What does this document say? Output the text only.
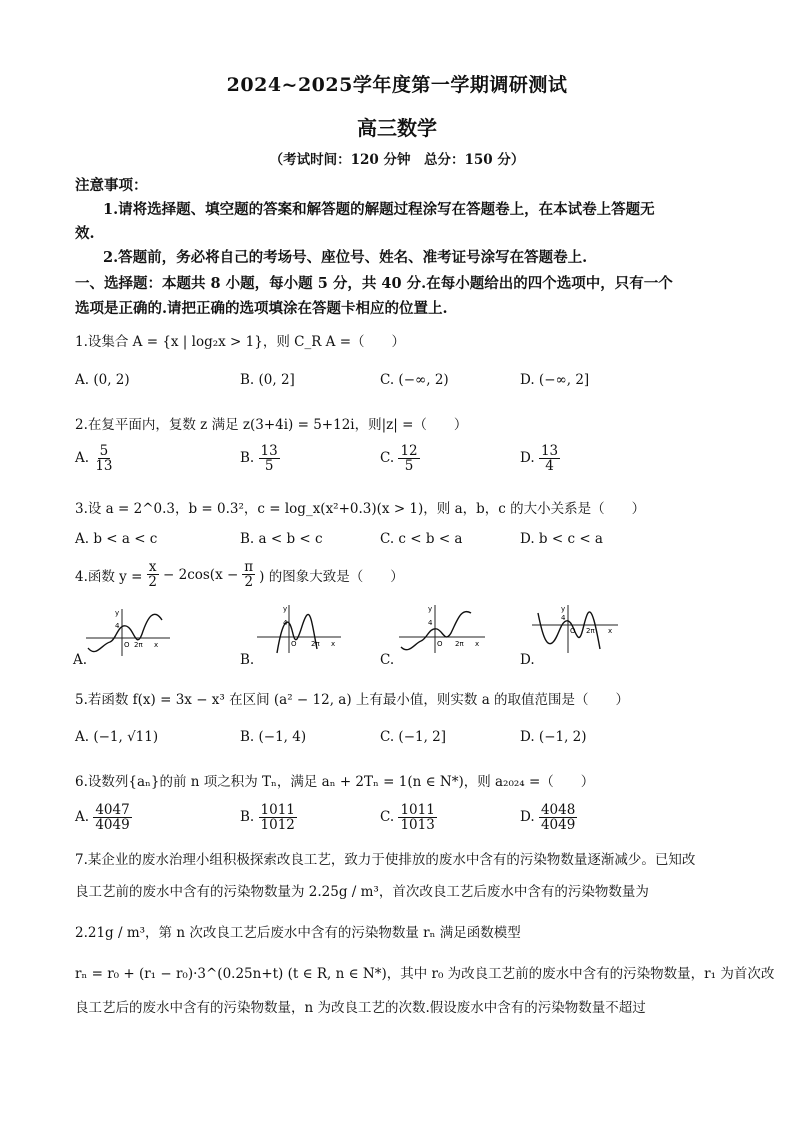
2024~2025学年度第一学期调研测试
高三数学
（考试时间：120 分钟　总分：150 分）
注意事项：
1.请将选择题、填空题的答案和解答题的解题过程涂写在答题卷上，在本试卷上答题无
效.
2.答题前，务必将自己的考场号、座位号、姓名、准考证号涂写在答题卷上.
一、选择题：本题共 8 小题，每小题 5 分，共 40 分.在每小题给出的四个选项中，只有一个
选项是正确的.请把正确的选项填涂在答题卡相应的位置上.
1.设集合 A = {x | log₂x > 1}，则 C_R A =（　　）
A. (0, 2)	B. (0, 2]	C. (−∞, 2)	D. (−∞, 2]
2.在复平面内，复数 z 满足 z(3+4i) = 5+12i，则|z| =（　　）
A. $\frac{5}{13}$	B. $\frac{13}{5}$	C. $\frac{12}{5}$	D. $\frac{13}{4}$
3.设 a = 2^0.3，b = 0.3²，c = log_x(x²+0.3)(x > 1)，则 a，b，c 的大小关系是（　　）
A. b < a < c	B. a < b < c	C. c < b < a	D. b < c < a
4.函数 $y = \frac{x}{2} - 2\cos(x - \frac{\pi}{2}$ ) 的图象大致是（　　）
y
4
O 2π x
A.
y
4
O 2π x
B.
y
4
O 2π x
C.
y
4
O 2π x
D.
5.若函数 f(x) = 3x − x³ 在区间 (a² − 12, a) 上有最小值，则实数 a 的取值范围是（　　）
A. (−1, √11)	B. (−1, 4)	C. (−1, 2]	D. (−1, 2)
6.设数列{aₙ}的前 n 项之积为 Tₙ，满足 aₙ + 2Tₙ = 1(n ∈ N*)，则 a₂₀₂₄ =（　　）
A. $\frac{4047}{4049}$	B. $\frac{1011}{1012}$	C. $\frac{1011}{1013}$	D. $\frac{4048}{4049}$
7.某企业的废水治理小组积极探索改良工艺，致力于使排放的废水中含有的污染物数量逐渐减少。已知改
良工艺前的废水中含有的污染物数量为 2.25g / m³，首次改良工艺后废水中含有的污染物数量为
2.21g / m³，第 n 次改良工艺后废水中含有的污染物数量 rₙ 满足函数模型
rₙ = r₀ + (r₁ − r₀)·3^(0.25n+t) (t ∈ R, n ∈ N*)，其中 r₀ 为改良工艺前的废水中含有的污染物数量，r₁ 为首次改
良工艺后的废水中含有的污染物数量，n 为改良工艺的次数.假设废水中含有的污染物数量不超过
